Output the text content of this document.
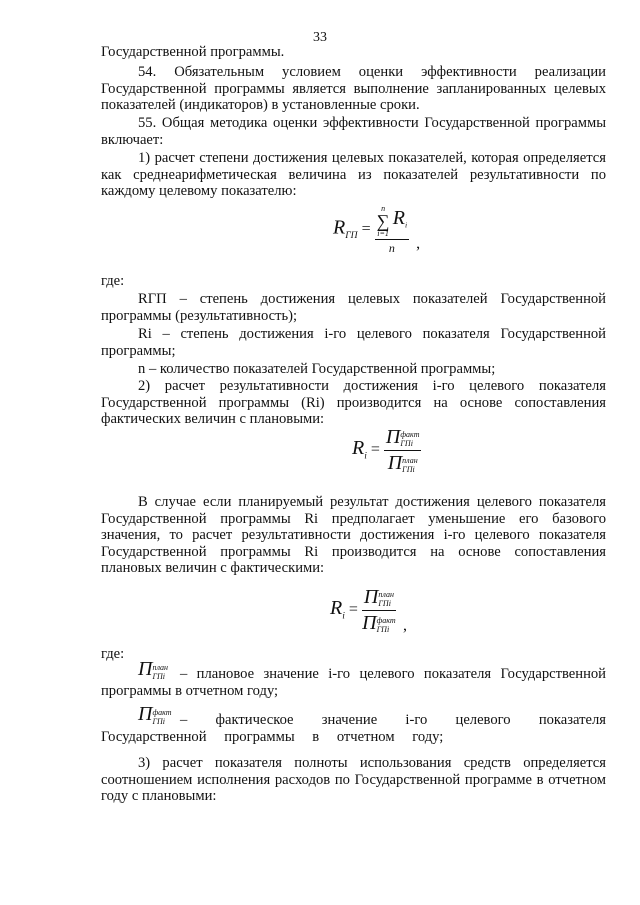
33
Государственной программы.
54. Обязательным условием оценки эффективности реализации Государственной программы является выполнение запланированных целевых показателей (индикаторов) в установленные сроки.
55. Общая методика оценки эффективности Государственной программы включает:
1) расчет степени достижения целевых показателей, которая определяется как среднеарифметическая величина из показателей результативности по каждому целевому показателю:
$R_{ГП} = n$
∑
i=1
$R_i$
n ,
где:
RГП – степень достижения целевых показателей Государственной программы (результативность);
Ri – степень достижения i-го целевого показателя Государственной программы;
n – количество показателей Государственной программы;
2) расчет результативности достижения i-го целевого показателя Государственной программы (Ri) производится на основе сопоставления фактических величин с плановыми:
$R_i = П$ факт
ГПi
П план
ГПi
В случае если планируемый результат достижения целевого показателя Государственной программы Ri предполагает уменьшение его базового значения, то расчет результативности достижения i-го целевого показателя Государственной программы Ri производится на основе сопоставления плановых величин с фактическими:
$R_i = П$ план
ГПi
П факт
ГПi ,
где:
П план
ГПi	– плановое значение i-го целевого показателя Государственной программы в отчетном году;
П факт
ГПi	– фактическое значение i-го целевого показателя Государственной программы в отчетном году;
3) расчет показателя полноты использования средств определяется соотношением исполнения расходов по Государственной программе в отчетном году с плановыми:
